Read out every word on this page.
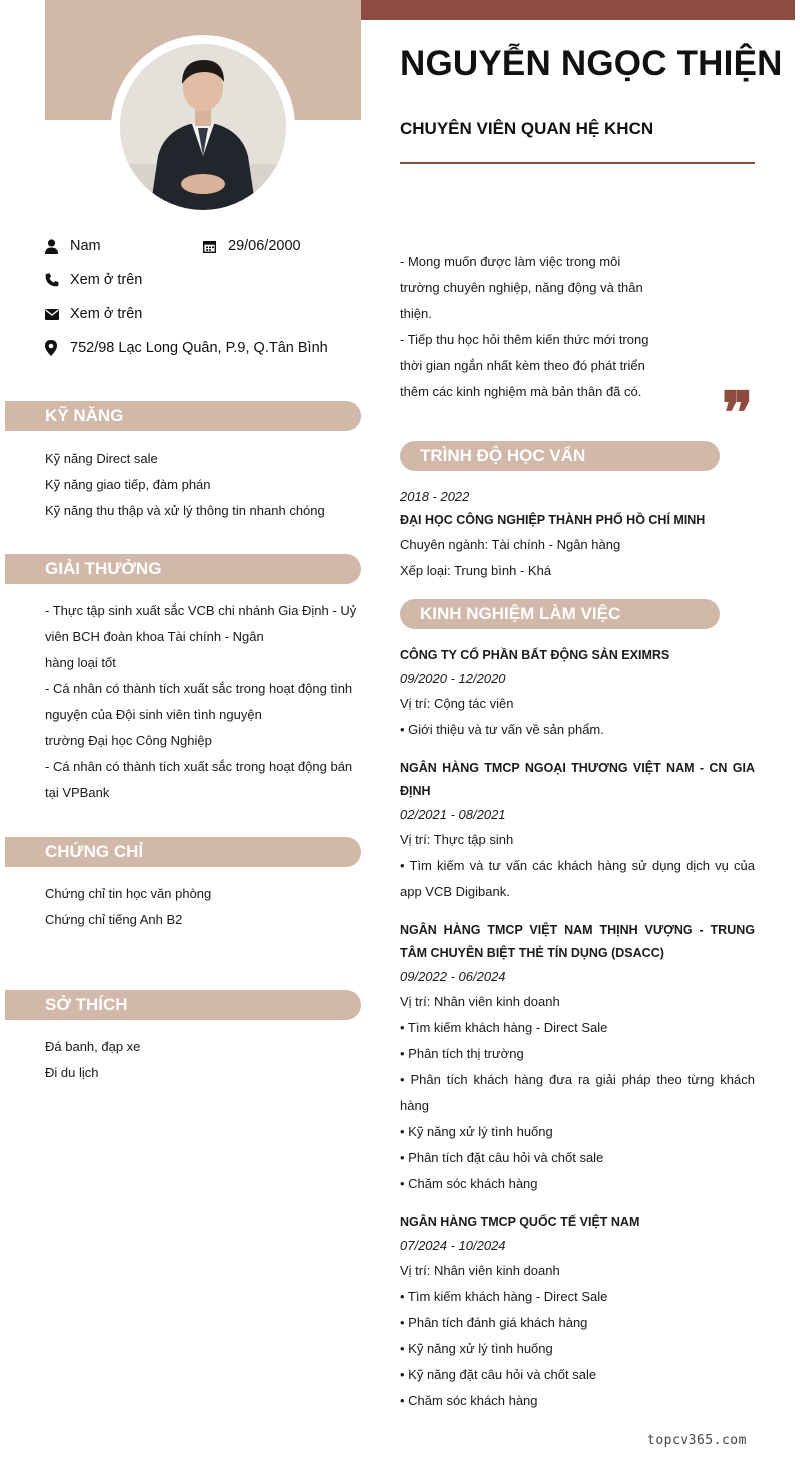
NGUYỄN NGỌC THIỆN
CHUYÊN VIÊN QUAN HỆ KHCN
Nam	29/06/2000
Xem ở trên
Xem ở trên
752/98 Lạc Long Quân, P.9, Q.Tân Bình
KỸ NĂNG
Kỹ năng Direct sale
Kỹ năng giao tiếp, đàm phán
Kỹ năng thu thập và xử lý thông tin nhanh chóng
GIẢI THƯỞNG
- Thực tập sinh xuất sắc VCB chi nhánh Gia Định - Uỷ
viên BCH đoàn khoa Tài chính - Ngân
hàng loại tốt
- Cá nhân có thành tích xuất sắc trong hoạt động tình
nguyện của Đội sinh viên tình nguyện
trường Đại học Công Nghiệp
- Cá nhân có thành tích xuất sắc trong hoạt động bán
tại VPBank
CHỨNG CHỈ
Chứng chỉ tin học văn phòng
Chứng chỉ tiếng Anh B2
SỞ THÍCH
Đá banh, đạp xe
Đi du lịch
- Mong muốn được làm việc trong môi
trường chuyên nghiệp, năng động và thân
thiện.
- Tiếp thu học hỏi thêm kiến thức mới trong
thời gian ngắn nhất kèm theo đó phát triển
thêm các kinh nghiệm mà bản thân đã có. ❞
TRÌNH ĐỘ HỌC VẤN
2018 - 2022
ĐẠI HỌC CÔNG NGHIỆP THÀNH PHỐ HỒ CHÍ MINH
Chuyên ngành: Tài chính - Ngân hàng
Xếp loại: Trung bình - Khá
KINH NGHIỆM LÀM VIỆC
CÔNG TY CỔ PHẦN BẤT ĐỘNG SẢN EXIMRS
09/2020 - 12/2020
Vị trí: Cộng tác viên
• Giới thiệu và tư vấn về sản phẩm.
NGÂN HÀNG TMCP NGOẠI THƯƠNG VIỆT NAM - CN GIA ĐỊNH
02/2021 - 08/2021
Vị trí: Thực tập sinh
• Tìm kiếm và tư vấn các khách hàng sử dụng dịch vụ của app VCB Digibank.
NGÂN HÀNG TMCP VIỆT NAM THỊNH VƯỢNG - TRUNG TÂM CHUYÊN BIỆT THẺ TÍN DỤNG (DSACC)
09/2022 - 06/2024
Vị trí: Nhân viên kinh doanh
• Tìm kiếm khách hàng - Direct Sale
• Phân tích thị trường
• Phân tích khách hàng đưa ra giải pháp theo từng khách hàng
• Kỹ năng xử lý tình huống
• Phân tích đặt câu hỏi và chốt sale
• Chăm sóc khách hàng
NGÂN HÀNG TMCP QUỐC TẾ VIỆT NAM
07/2024 - 10/2024
Vị trí: Nhân viên kinh doanh
• Tìm kiếm khách hàng - Direct Sale
• Phân tích đánh giá khách hàng
• Kỹ năng xử lý tình huống
• Kỹ năng đặt câu hỏi và chốt sale
• Chăm sóc khách hàng
topcv365.com
